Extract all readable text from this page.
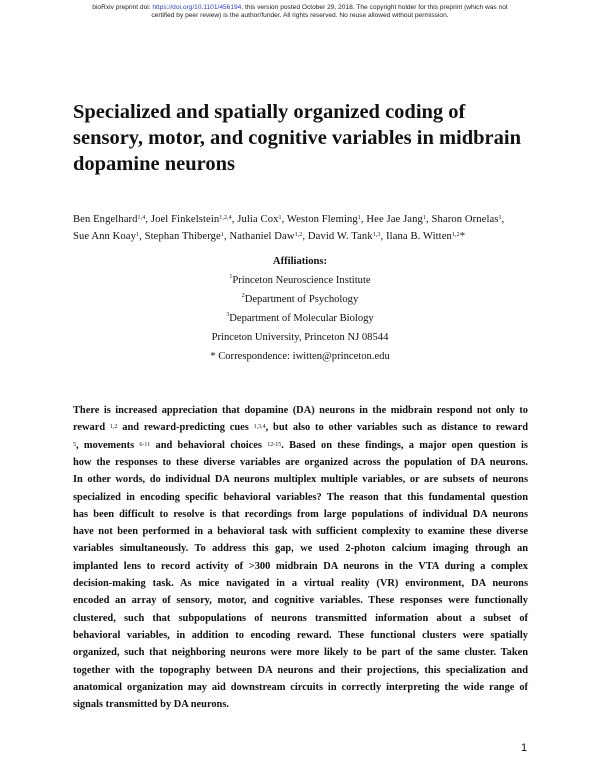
bioRxiv preprint doi: https://doi.org/10.1101/456194. this version posted October 29, 2018. The copyright holder for this preprint (which was not
certified by peer review) is the author/funder. All rights reserved. No reuse allowed without permission.
Specialized and spatially organized coding of
sensory, motor, and cognitive variables in midbrain
dopamine neurons
Ben Engelhard$^{1,4}$, Joel Finkelstein$^{1,2,4}$, Julia Cox$^1$, Weston Fleming$^1$, Hee Jae Jang$^1$, Sharon Ornelas$^1$,
Sue Ann Koay$^1$, Stephan Thiberge$^1$, Nathaniel Daw$^{1,2}$, David W. Tank$^{1,3}$, Ilana B. Witten$^{1,2}$*
Affiliations:
$^1$Princeton Neuroscience Institute
$^2$Department of Psychology
$^3$Department of Molecular Biology
Princeton University, Princeton NJ 08544
* Correspondence: iwitten@princeton.edu
There is increased appreciation that dopamine (DA) neurons in the midbrain respond not only to
reward $^{1,2}$ and reward-predicting cues $^{1,3,4}$, but also to other variables such as distance to reward
$^5$, movements $^{6-11}$ and behavioral choices $^{12-15}$. Based on these findings, a major open question is
how the responses to these diverse variables are organized across the population of DA neurons.
In other words, do individual DA neurons multiplex multiple variables, or are subsets of neurons
specialized in encoding specific behavioral variables? The reason that this fundamental question
has been difficult to resolve is that recordings from large populations of individual DA neurons
have not been performed in a behavioral task with sufficient complexity to examine these diverse
variables simultaneously. To address this gap, we used 2-photon calcium imaging through an
implanted lens to record activity of >300 midbrain DA neurons in the VTA during a complex
decision-making task. As mice navigated in a virtual reality (VR) environment, DA neurons
encoded an array of sensory, motor, and cognitive variables. These responses were functionally
clustered, such that subpopulations of neurons transmitted information about a subset of
behavioral variables, in addition to encoding reward. These functional clusters were spatially
organized, such that neighboring neurons were more likely to be part of the same cluster. Taken
together with the topography between DA neurons and their projections, this specialization and
anatomical organization may aid downstream circuits in correctly interpreting the wide range of
signals transmitted by DA neurons.
1
